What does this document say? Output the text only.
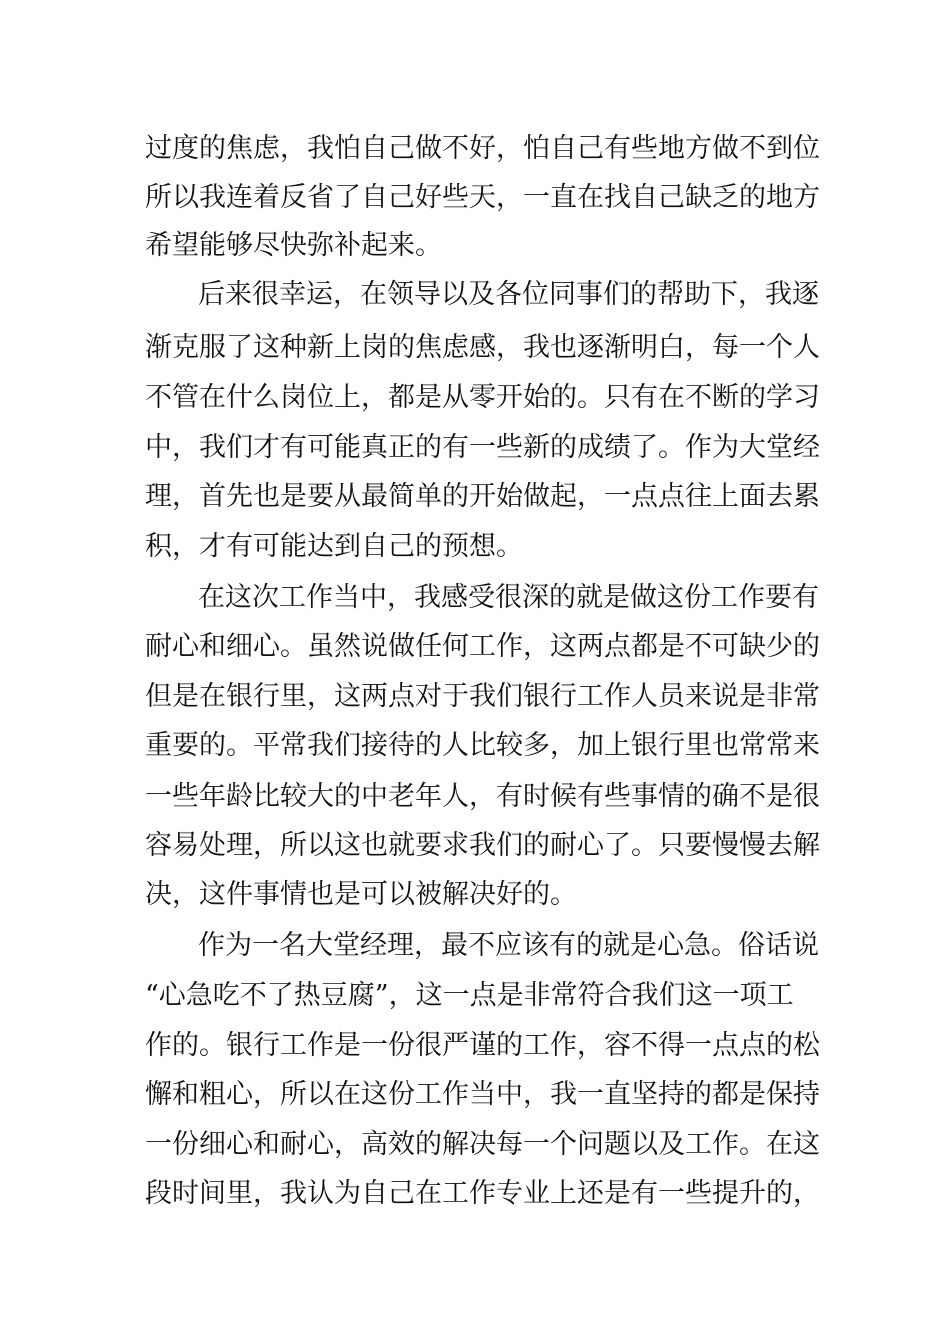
过度的焦虑，我怕自己做不好，怕自己有些地方做不到位
所以我连着反省了自己好些天，一直在找自己缺乏的地方
希望能够尽快弥补起来。
后来很幸运，在领导以及各位同事们的帮助下，我逐
渐克服了这种新上岗的焦虑感，我也逐渐明白，每一个人
不管在什么岗位上，都是从零开始的。只有在不断的学习
中，我们才有可能真正的有一些新的成绩了。作为大堂经
理，首先也是要从最简单的开始做起，一点点往上面去累
积，才有可能达到自己的预想。
在这次工作当中，我感受很深的就是做这份工作要有
耐心和细心。虽然说做任何工作，这两点都是不可缺少的
但是在银行里，这两点对于我们银行工作人员来说是非常
重要的。平常我们接待的人比较多，加上银行里也常常来
一些年龄比较大的中老年人，有时候有些事情的确不是很
容易处理，所以这也就要求我们的耐心了。只要慢慢去解
决，这件事情也是可以被解决好的。
作为一名大堂经理，最不应该有的就是心急。俗话说
“心急吃不了热豆腐”，这一点是非常符合我们这一项工
作的。银行工作是一份很严谨的工作，容不得一点点的松
懈和粗心，所以在这份工作当中，我一直坚持的都是保持
一份细心和耐心，高效的解决每一个问题以及工作。在这
段时间里，我认为自己在工作专业上还是有一些提升的，
